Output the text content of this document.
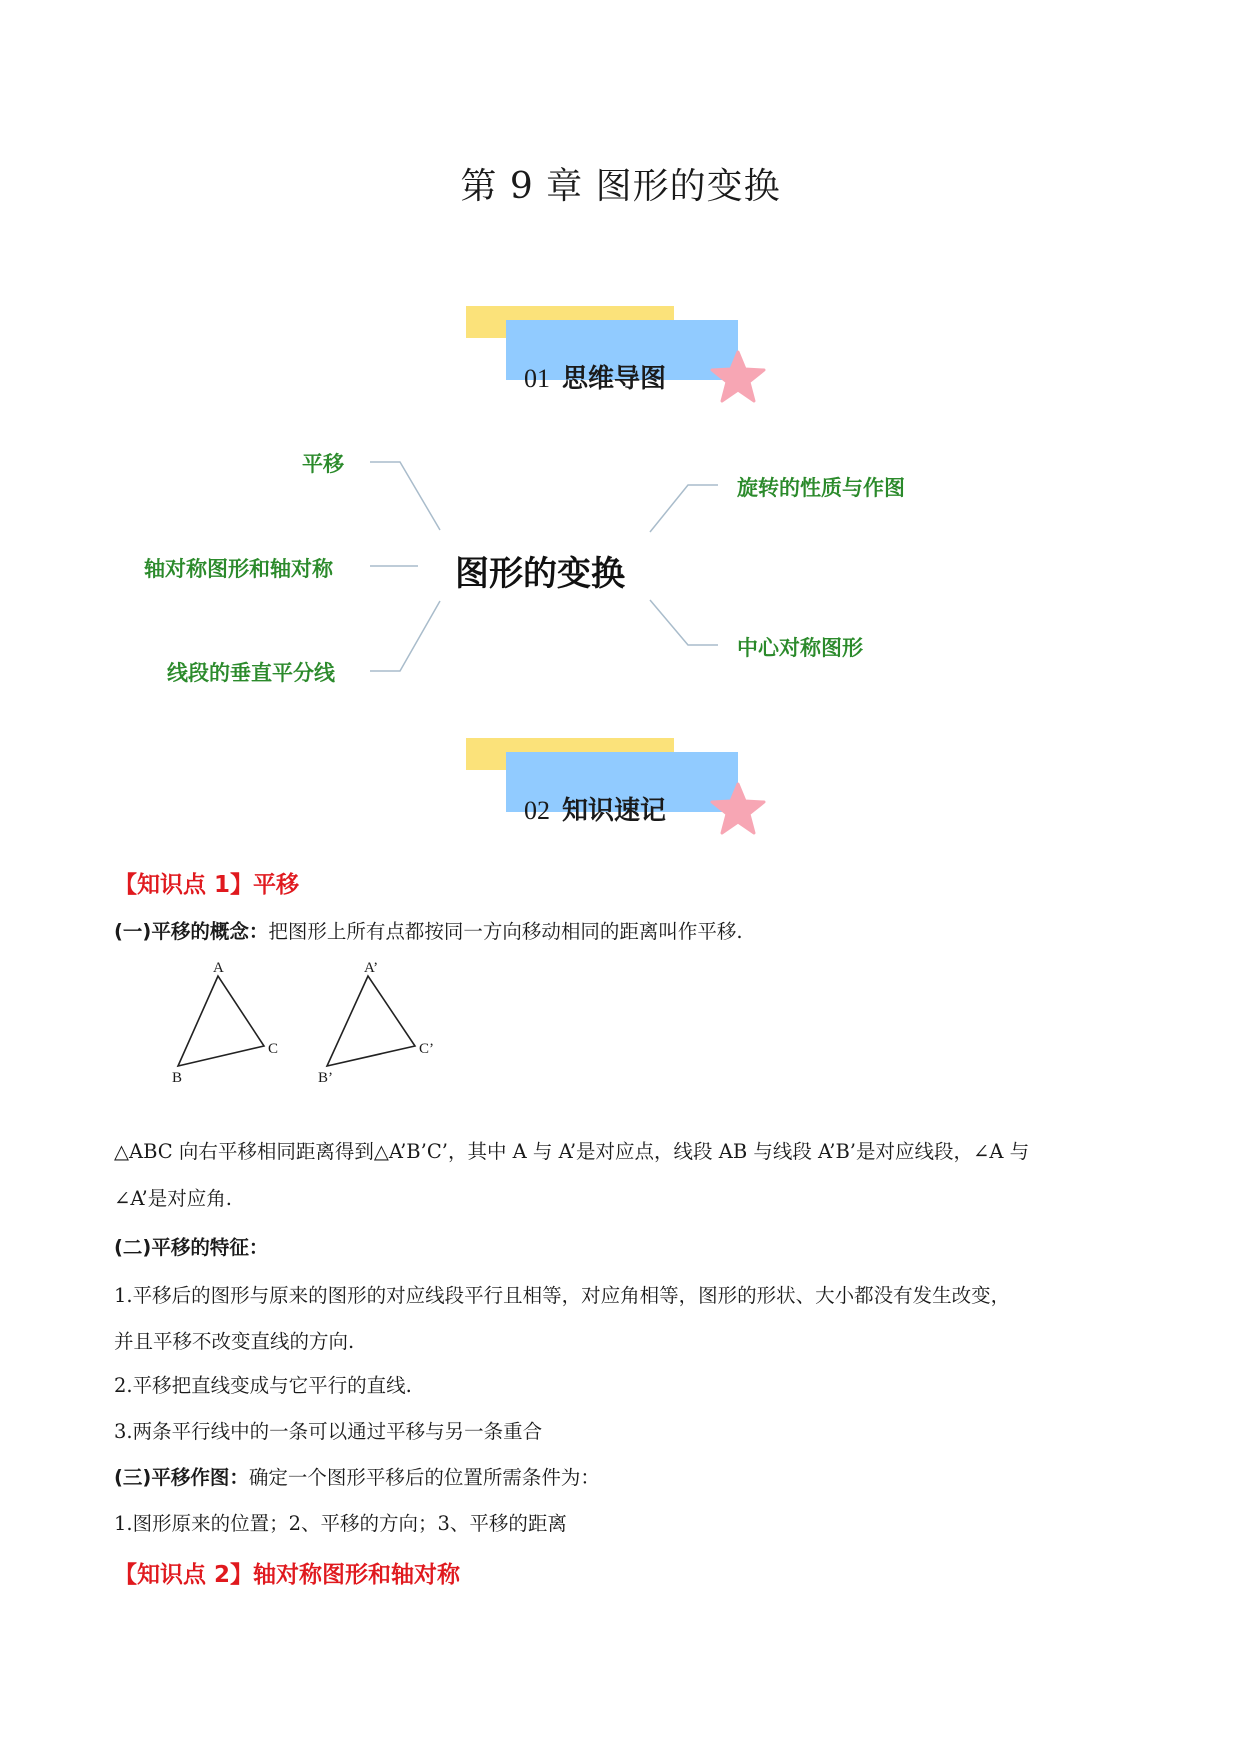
第 9 章 图形的变换
01 思维导图
图形的变换
平移
轴对称图形和轴对称
线段的垂直平分线
旋转的性质与作图
中心对称图形
02 知识速记
【知识点 1】平移
(一)平移的概念：把图形上所有点都按同一方向移动相同的距离叫作平移.
A
B
C
A’
B’
C’
△ABC 向右平移相同距离得到△A’B’C’，其中 A 与 A’是对应点，线段 AB 与线段 A’B’是对应线段，∠A 与
∠A’是对应角.
(二)平移的特征：
1.平移后的图形与原来的图形的对应线段平行且相等，对应角相等，图形的形状、大小都没有发生改变，
并且平移不改变直线的方向.
2.平移把直线变成与它平行的直线.
3.两条平行线中的一条可以通过平移与另一条重合
(三)平移作图：确定一个图形平移后的位置所需条件为：
1.图形原来的位置；2、平移的方向；3、平移的距离
【知识点 2】轴对称图形和轴对称
